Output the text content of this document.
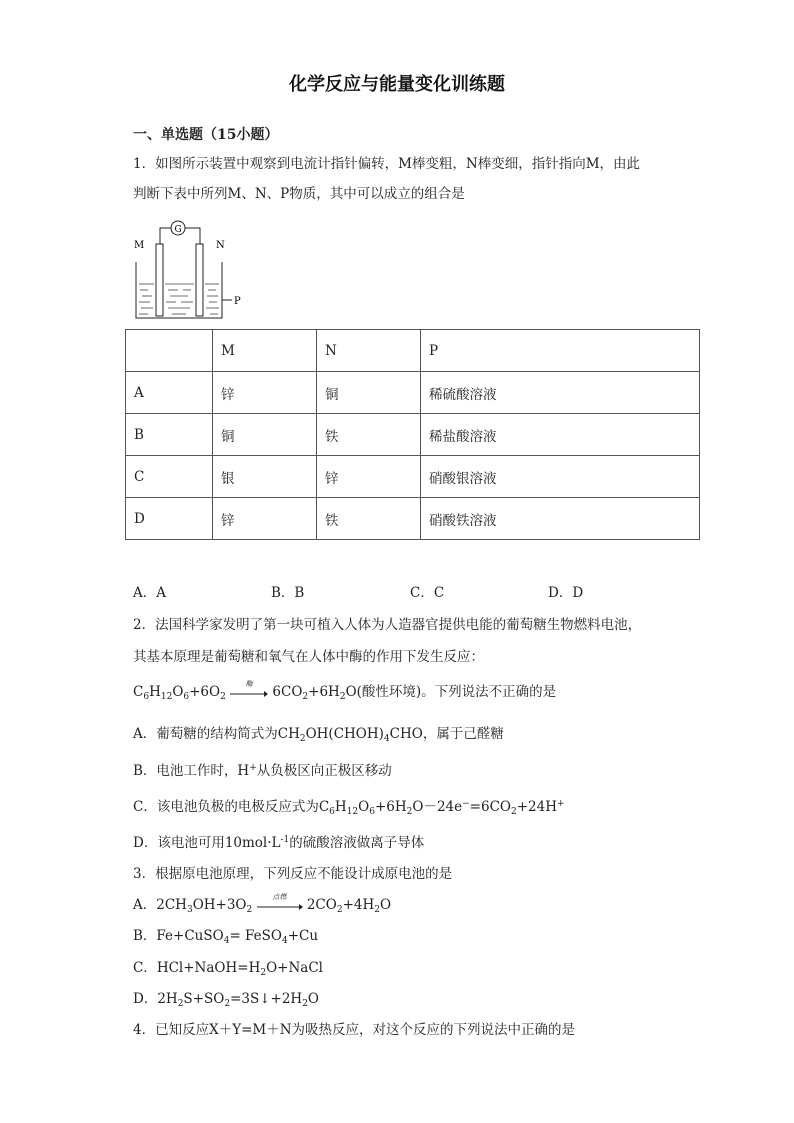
化学反应与能量变化训练题
一、单选题（15小题）
1．如图所示装置中观察到电流计指针偏转，M棒变粗，N棒变细，指针指向M，由此
判断下表中所列M、N、P物质，其中可以成立的组合是
M	N
G
P
	M	N	P
A	锌	铜	稀硫酸溶液
B	铜	铁	稀盐酸溶液
C	银	锌	硝酸银溶液
D	锌	铁	硝酸铁溶液
A．A	B．B	C．C	D．D
2．法国科学家发明了第一块可植入人体为人造器官提供电能的葡萄糖生物燃料电池，
其基本原理是葡萄糖和氧气在人体中酶的作用下发生反应：
$C_6H_{12}O_6+6O_2$
酶
$6CO_2+6H_2O$(酸性环境)。下列说法不正确的是
A．葡萄糖的结构简式为$CH_2OH(CHOH)_4CHO$，属于己醛糖
B．电池工作时，H+从负极区向正极区移动
C．该电池负极的电极反应式为$C_6H_{12}O_6+6H_2O-24e^-=6CO_2+24H^+$
D．该电池可用$10mol\cdot L^{-1}$的硫酸溶液做离子导体
3．根据原电池原理，下列反应不能设计成原电池的是
A．$2CH_3OH+3O_2$
点燃
$2CO_2+4H_2O$
B．Fe+CuSO$_4$= FeSO$_4$+Cu
C．$HCl+NaOH=H_2O+NaCl$
D．$2H_2S+SO_2=3S↓+2H_2O$
4．已知反应X＋Y=M＋N为吸热反应，对这个反应的下列说法中正确的是
